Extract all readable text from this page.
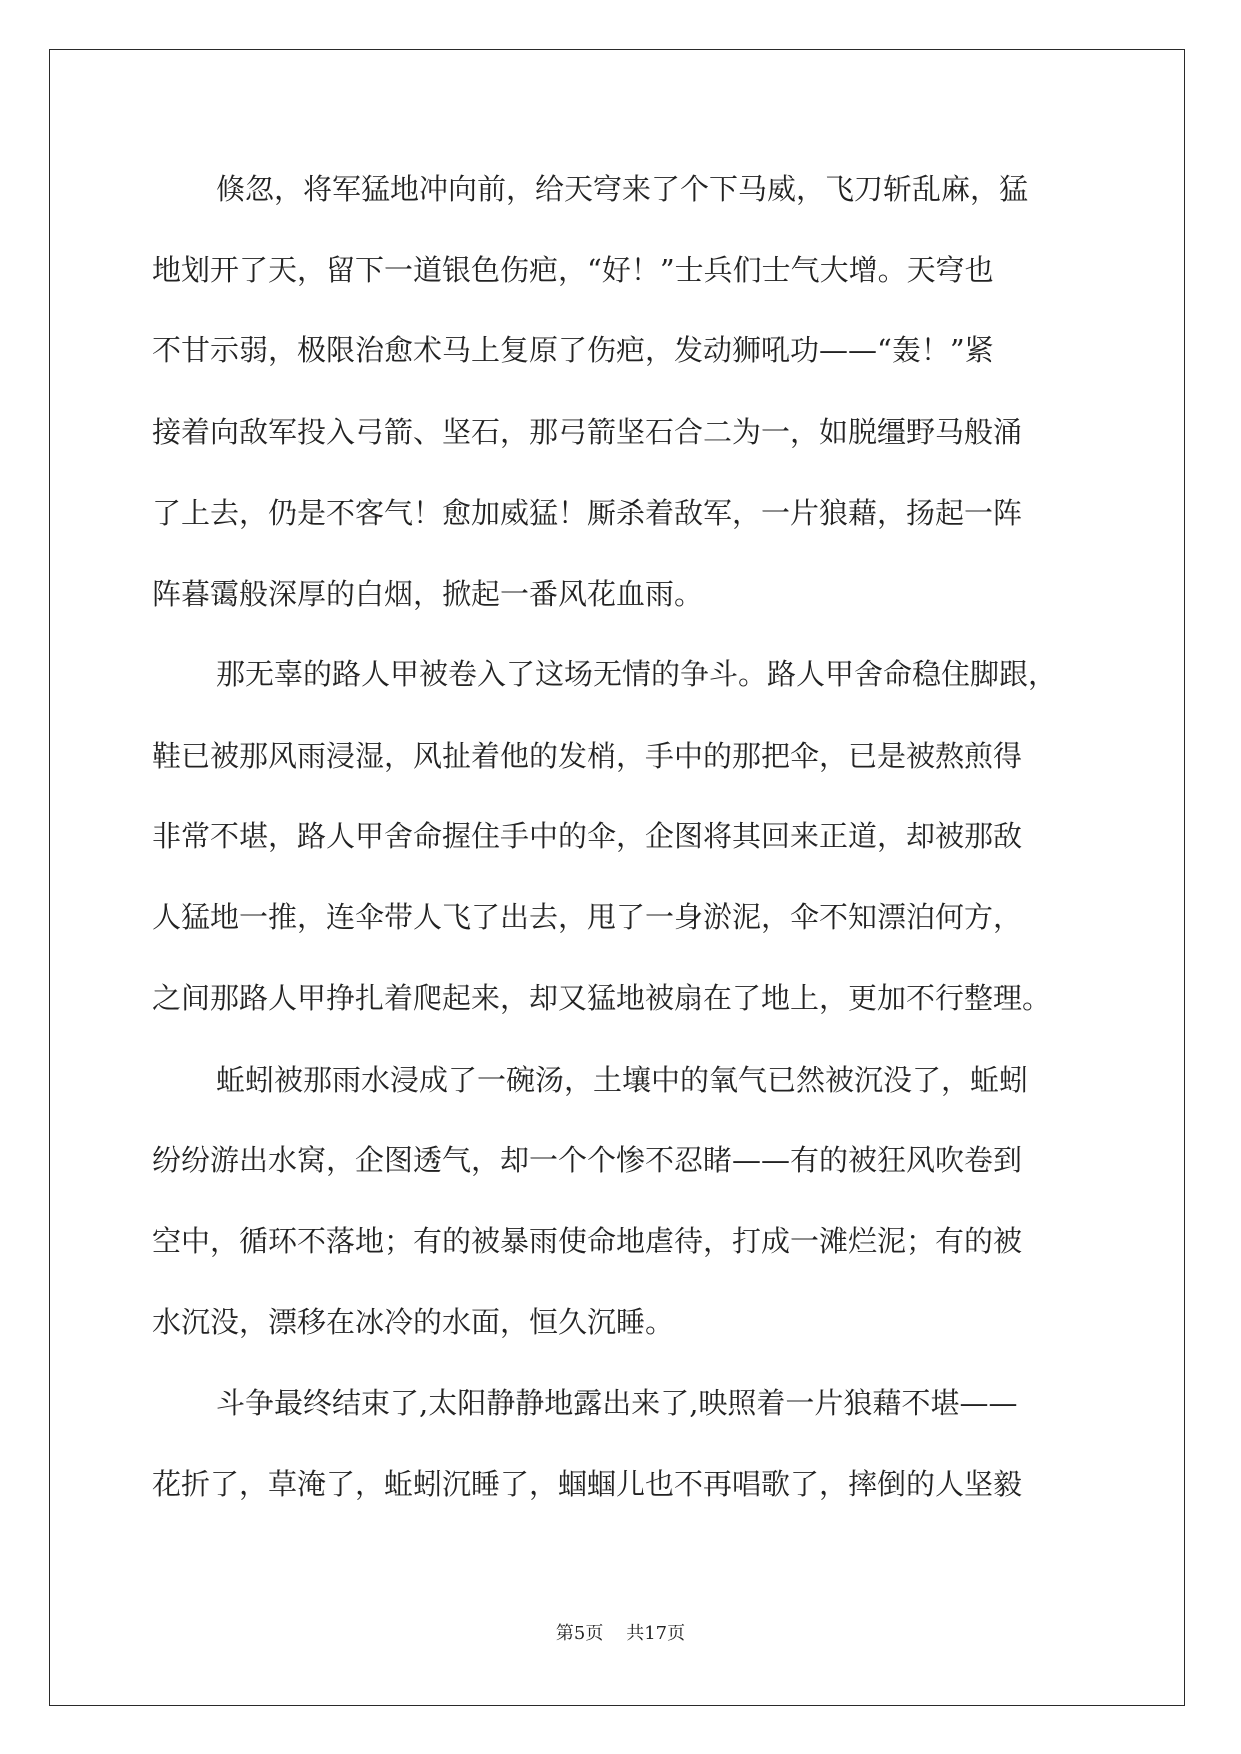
倏忽，将军猛地冲向前，给天穹来了个下马威，飞刀斩乱麻，猛

地划开了天，留下一道银色伤疤，“好！”士兵们士气大增。天穹也

不甘示弱，极限治愈术马上复原了伤疤，发动狮吼功——“轰！”紧

接着向敌军投入弓箭、坚石，那弓箭坚石合二为一，如脱缰野马般涌

了上去，仍是不客气！愈加威猛！厮杀着敌军，一片狼藉，扬起一阵

阵暮霭般深厚的白烟，掀起一番风花血雨。

那无辜的路人甲被卷入了这场无情的争斗。路人甲舍命稳住脚跟，

鞋已被那风雨浸湿，风扯着他的发梢，手中的那把伞，已是被熬煎得

非常不堪，路人甲舍命握住手中的伞，企图将其回来正道，却被那敌

人猛地一推，连伞带人飞了出去，甩了一身淤泥，伞不知漂泊何方，

之间那路人甲挣扎着爬起来，却又猛地被扇在了地上，更加不行整理。

蚯蚓被那雨水浸成了一碗汤，土壤中的氧气已然被沉没了，蚯蚓

纷纷游出水窝，企图透气，却一个个惨不忍睹——有的被狂风吹卷到

空中，循环不落地；有的被暴雨使命地虐待，打成一滩烂泥；有的被

水沉没，漂移在冰冷的水面，恒久沉睡。

斗争最终结束了,太阳静静地露出来了,映照着一片狼藉不堪——

花折了，草淹了，蚯蚓沉睡了，蝈蝈儿也不再唱歌了，摔倒的人坚毅

第5页 共17页
